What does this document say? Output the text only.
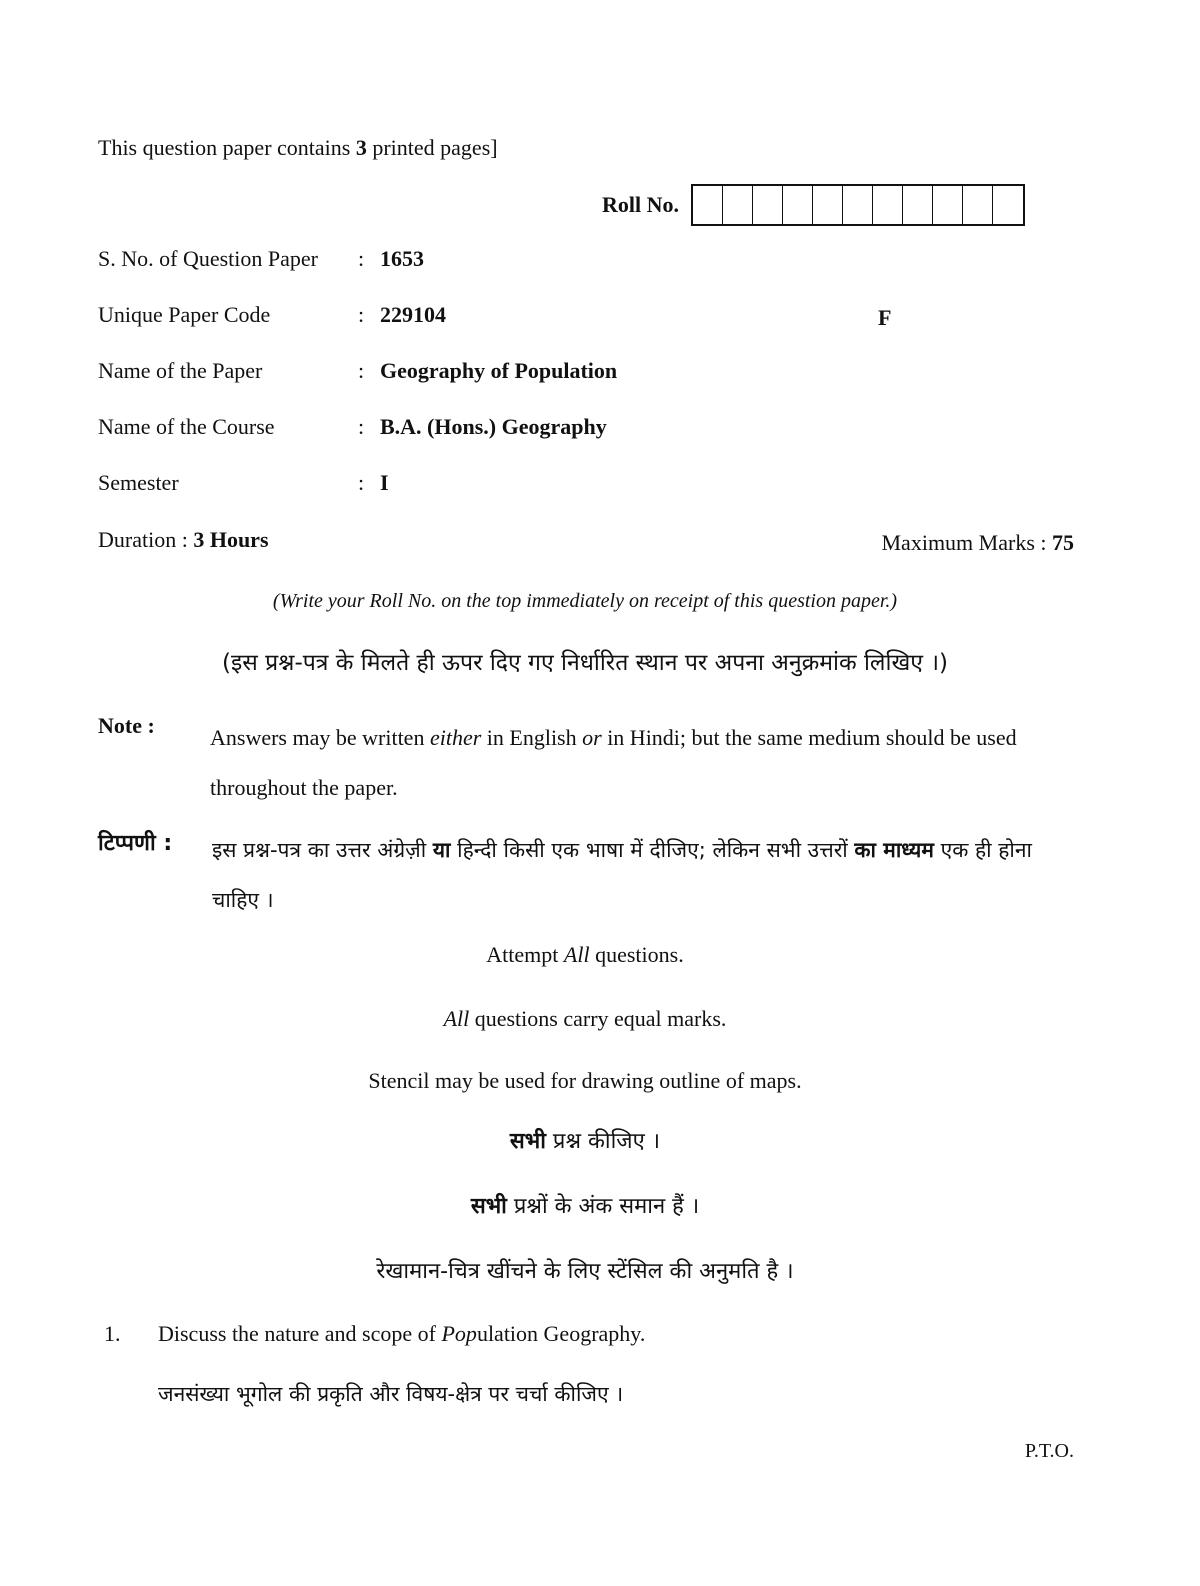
This question paper contains 3 printed pages]
Roll No.
S. No. of Question Paper : 1653
Unique Paper Code	: 229104
Name of the Paper	: Geography of Population
Name of the Course	: B.A. (Hons.) Geography
Semester	: I
F
Duration : 3 Hours	Maximum Marks : 75
(Write your Roll No. on the top immediately on receipt of this question paper.)
(इस प्रश्न-पत्र के मिलते ही ऊपर दिए गए निर्धारित स्थान पर अपना अनुक्रमांक लिखिए ।)
Note :	Answers may be written either in English or in Hindi; but the same medium should be used throughout the paper.
टिप्पणी : इस प्रश्न-पत्र का उत्तर अंग्रेज़ी या हिन्दी किसी एक भाषा में दीजिए; लेकिन सभी उत्तरों का माध्यम एक ही होना चाहिए ।
Attempt All questions.
All questions carry equal marks.
Stencil may be used for drawing outline of maps.
सभी प्रश्न कीजिए ।
सभी प्रश्नों के अंक समान हैं ।
रेखामान-चित्र खींचने के लिए स्टेंसिल की अनुमति है ।
1. Discuss the nature and scope of Population Geography.
जनसंख्या भूगोल की प्रकृति और विषय-क्षेत्र पर चर्चा कीजिए ।
P.T.O.
